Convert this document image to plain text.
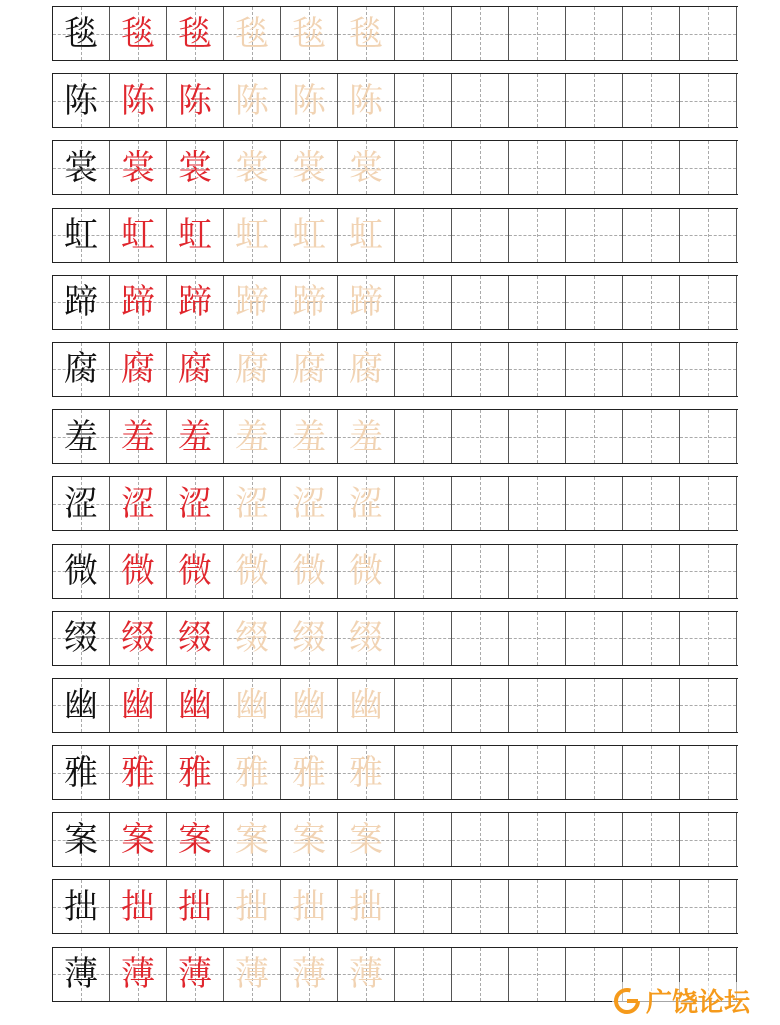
毯 毯 毯 毯 毯 毯
陈 陈 陈 陈 陈 陈
裳 裳 裳 裳 裳 裳
虹 虹 虹 虹 虹 虹
蹄 蹄 蹄 蹄 蹄 蹄
腐 腐 腐 腐 腐 腐
羞 羞 羞 羞 羞 羞
涩 涩 涩 涩 涩 涩
微 微 微 微 微 微
缀 缀 缀 缀 缀 缀
幽 幽 幽 幽 幽 幽
雅 雅 雅 雅 雅 雅
案 案 案 案 案 案
拙 拙 拙 拙 拙 拙
薄 薄 薄 薄 薄 薄
广饶论坛
